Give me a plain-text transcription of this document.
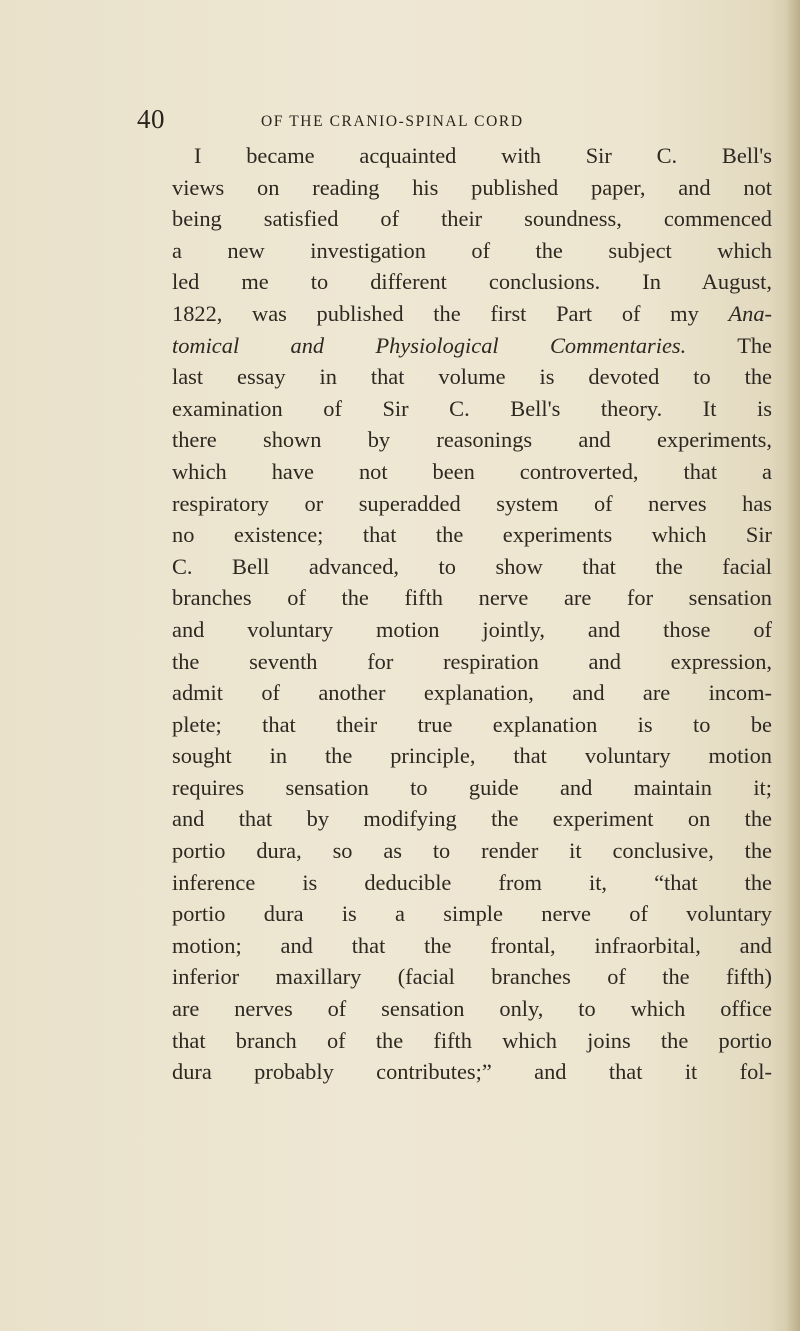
40	OF THE CRANIO-SPINAL CORD
I became acquainted with Sir C. Bell's
views on reading his published paper, and not
being satisfied of their soundness, commenced
a new investigation of the subject which
led me to different conclusions. In August,
1822, was published the first Part of my Ana-
tomical and Physiological Commentaries. The
last essay in that volume is devoted to the
examination of Sir C. Bell's theory. It is
there shown by reasonings and experiments,
which have not been controverted, that a
respiratory or superadded system of nerves has
no existence; that the experiments which Sir
C. Bell advanced, to show that the facial
branches of the fifth nerve are for sensation
and voluntary motion jointly, and those of
the seventh for respiration and expression,
admit of another explanation, and are incom-
plete; that their true explanation is to be
sought in the principle, that voluntary motion
requires sensation to guide and maintain it;
and that by modifying the experiment on the
portio dura, so as to render it conclusive, the
inference is deducible from it, “that the
portio dura is a simple nerve of voluntary
motion; and that the frontal, infraorbital, and
inferior maxillary (facial branches of the fifth)
are nerves of sensation only, to which office
that branch of the fifth which joins the portio
dura probably contributes;” and that it fol-
